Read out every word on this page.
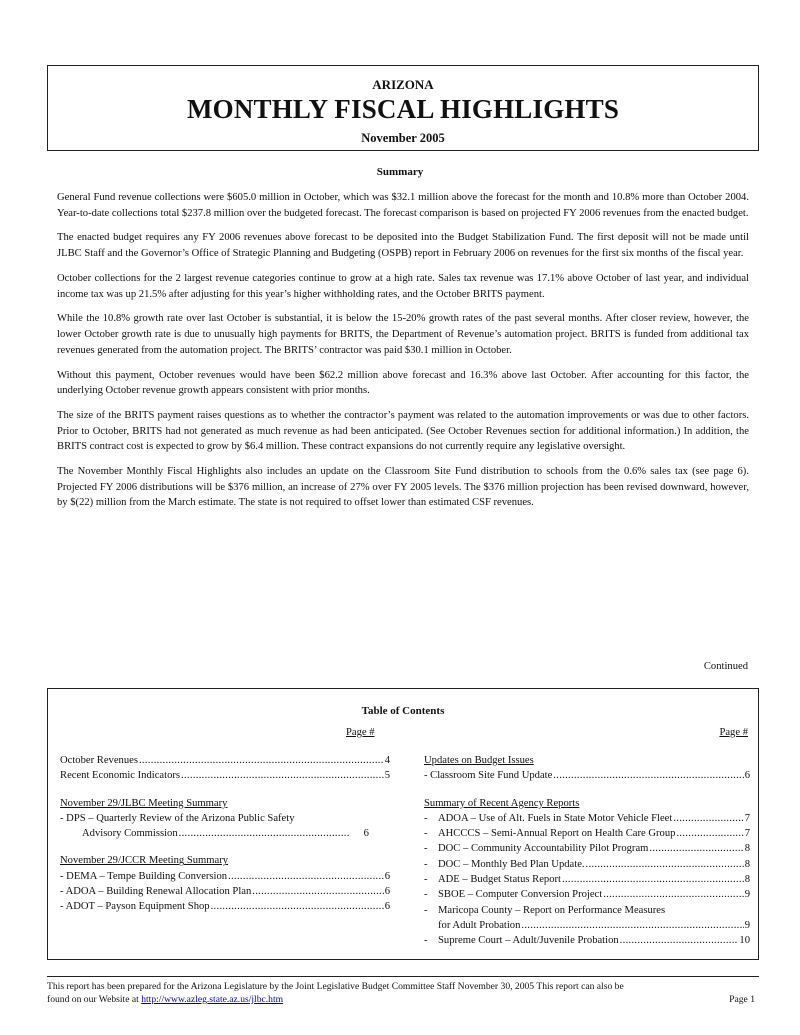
ARIZONA
MONTHLY FISCAL HIGHLIGHTS
November 2005
Summary

General Fund revenue collections were $605.0 million in October, which was $32.1 million above the forecast for the month and 10.8% more than October 2004. Year-to-date collections total $237.8 million over the budgeted forecast. The forecast comparison is based on projected FY 2006 revenues from the enacted budget.

The enacted budget requires any FY 2006 revenues above forecast to be deposited into the Budget Stabilization Fund. The first deposit will not be made until JLBC Staff and the Governor’s Office of Strategic Planning and Budgeting (OSPB) report in February 2006 on revenues for the first six months of the fiscal year.

October collections for the 2 largest revenue categories continue to grow at a high rate. Sales tax revenue was 17.1% above October of last year, and individual income tax was up 21.5% after adjusting for this year’s higher withholding rates, and the October BRITS payment.

While the 10.8% growth rate over last October is substantial, it is below the 15-20% growth rates of the past several months. After closer review, however, the lower October growth rate is due to unusually high payments for BRITS, the Department of Revenue’s automation project. BRITS is funded from additional tax revenues generated from the automation project. The BRITS’ contractor was paid $30.1 million in October.

Without this payment, October revenues would have been $62.2 million above forecast and 16.3% above last October. After accounting for this factor, the underlying October revenue growth appears consistent with prior months.

The size of the BRITS payment raises questions as to whether the contractor’s payment was related to the automation improvements or was due to other factors. Prior to October, BRITS had not generated as much revenue as had been anticipated. (See October Revenues section for additional information.) In addition, the BRITS contract cost is expected to grow by $6.4 million. These contract expansions do not currently require any legislative oversight.

The November Monthly Fiscal Highlights also includes an update on the Classroom Site Fund distribution to schools from the 0.6% sales tax (see page 6). Projected FY 2006 distributions will be $376 million, an increase of 27% over FY 2005 levels. The $376 million projection has been revised downward, however, by $(22) million from the March estimate. The state is not required to offset lower than estimated CSF revenues.

Continued
Table of Contents
Page #	Page #
October Revenues .....	4
Recent Economic Indicators .....	5
November 29/JLBC Meeting Summary
- DPS – Quarterly Review of the Arizona Public Safety
Advisory Commission .....	6
November 29/JCCR Meeting Summary
- DEMA – Tempe Building Conversion .....	6
- ADOA – Building Renewal Allocation Plan .....	6
- ADOT – Payson Equipment Shop .....	6
Updates on Budget Issues
- Classroom Site Fund Update .....	6
Summary of Recent Agency Reports
- ADOA – Use of Alt. Fuels in State Motor Vehicle Fleet .....	7
- AHCCCS – Semi-Annual Report on Health Care Group .....	7
- DOC – Community Accountability Pilot Program .....	8
- DOC – Monthly Bed Plan Update. .....	8
- ADE – Budget Status Report .....	8
- SBOE – Computer Conversion Project .....	9
- Maricopa County – Report on Performance Measures
for Adult Probation .....	9
- Supreme Court – Adult/Juvenile Probation .....	10
This report has been prepared for the Arizona Legislature by the Joint Legislative Budget Committee Staff November 30, 2005 This report can also be
found on our Website at http://www.azleg.state.az.us/jlbc.htm	Page 1
